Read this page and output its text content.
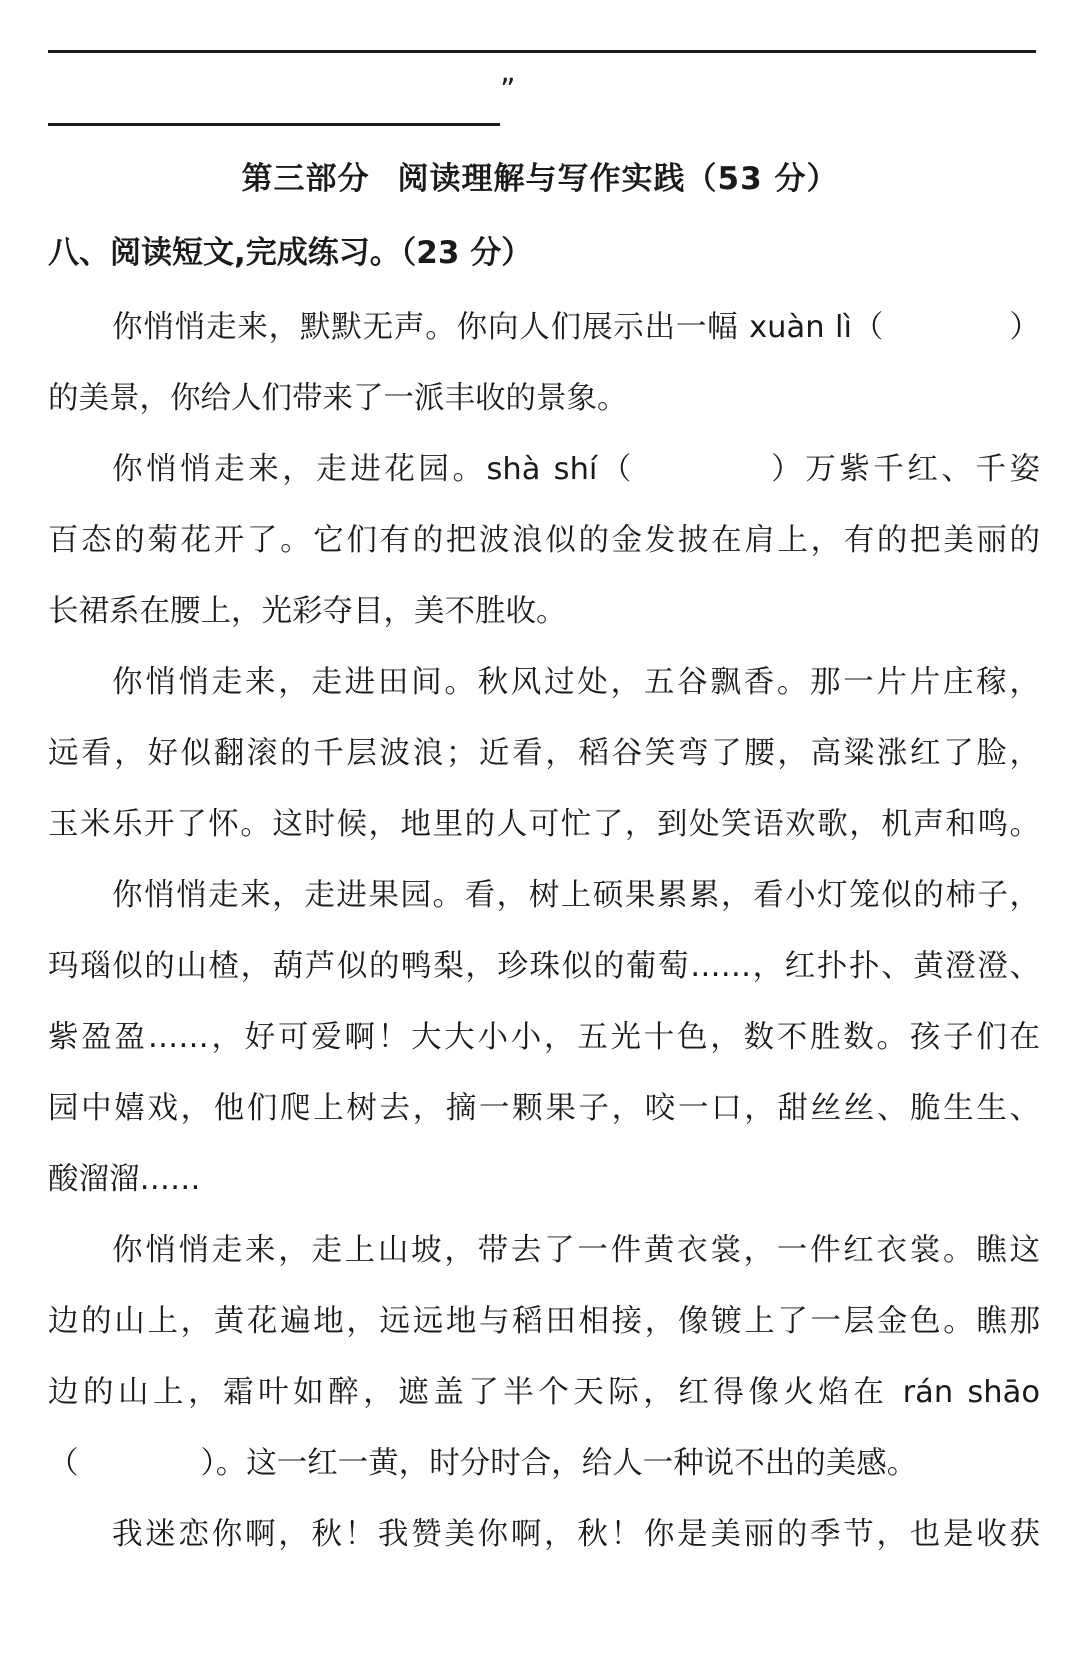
”
第三部分 阅读理解与写作实践（53 分）
八、阅读短文,完成练习。（23 分）
你悄悄走来，默默无声。你向人们展示出一幅 xuàn lì（　　　　）
的美景，你给人们带来了一派丰收的景象。
你悄悄走来，走进花园。shà shí（　　　　）万紫千红、千姿
百态的菊花开了。它们有的把波浪似的金发披在肩上，有的把美丽的
长裙系在腰上，光彩夺目，美不胜收。
你悄悄走来，走进田间。秋风过处，五谷飘香。那一片片庄稼，
远看，好似翻滚的千层波浪；近看，稻谷笑弯了腰，高粱涨红了脸，
玉米乐开了怀。这时候，地里的人可忙了，到处笑语欢歌，机声和鸣。
你悄悄走来，走进果园。看，树上硕果累累，看小灯笼似的柿子，
玛瑙似的山楂，葫芦似的鸭梨，珍珠似的葡萄……，红扑扑、黄澄澄、
紫盈盈……，好可爱啊！大大小小，五光十色，数不胜数。孩子们在
园中嬉戏，他们爬上树去，摘一颗果子，咬一口，甜丝丝、脆生生、
酸溜溜……
你悄悄走来，走上山坡，带去了一件黄衣裳，一件红衣裳。瞧这
边的山上，黄花遍地，远远地与稻田相接，像镀上了一层金色。瞧那
边的山上，霜叶如醉，遮盖了半个天际，红得像火焰在 rán shāo
（　　　　）。这一红一黄，时分时合，给人一种说不出的美感。
我迷恋你啊，秋！我赞美你啊，秋！你是美丽的季节，也是收获
